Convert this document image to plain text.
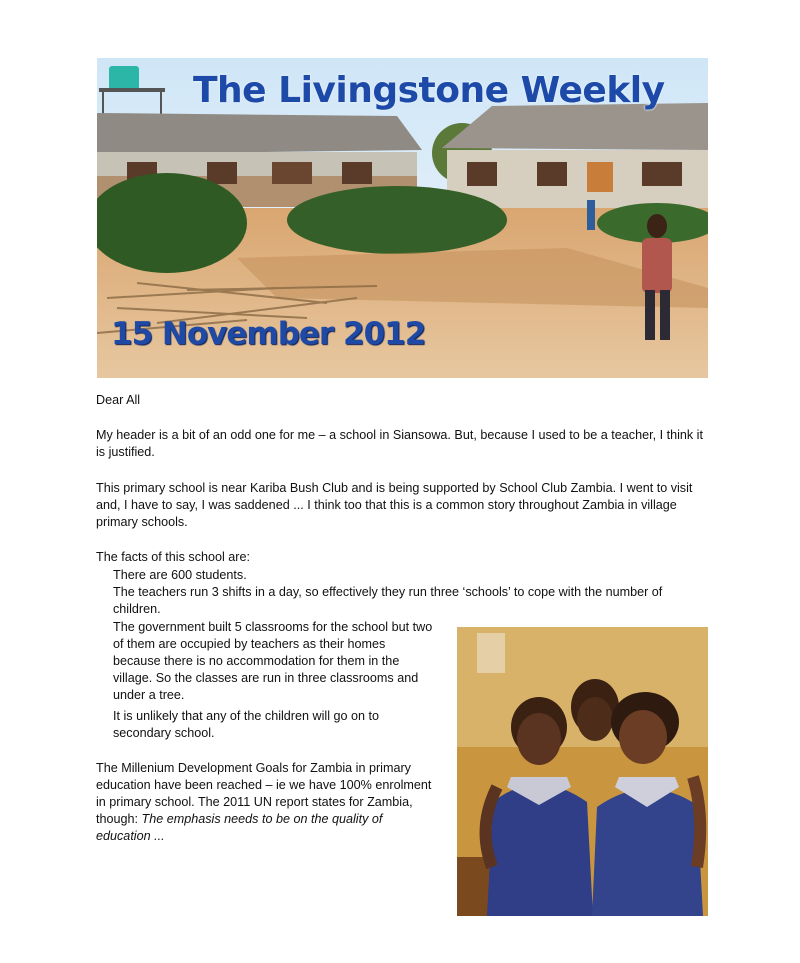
The Livingstone Weekly
15 November 2012
Dear All
My header is a bit of an odd one for me – a school in Siansowa. But, because I used to be a teacher, I think it is justified.
This primary school is near Kariba Bush Club and is being supported by School Club Zambia. I went to visit and, I have to say, I was saddened ... I think too that this is a common story throughout Zambia in village primary schools.
The facts of this school are:
There are 600 students.
The teachers run 3 shifts in a day, so effectively they run three ‘schools’ to cope with the number of children.
The government built 5 classrooms for the school but two of them are occupied by teachers as their homes because there is no accommodation for them in the village. So the classes are run in three classrooms and under a tree.
It is unlikely that any of the children will go on to secondary school.
The Millenium Development Goals for Zambia in primary education have been reached – ie we have 100% enrolment in primary school. The 2011 UN report states for Zambia, though: The emphasis needs to be on the quality of education ...
